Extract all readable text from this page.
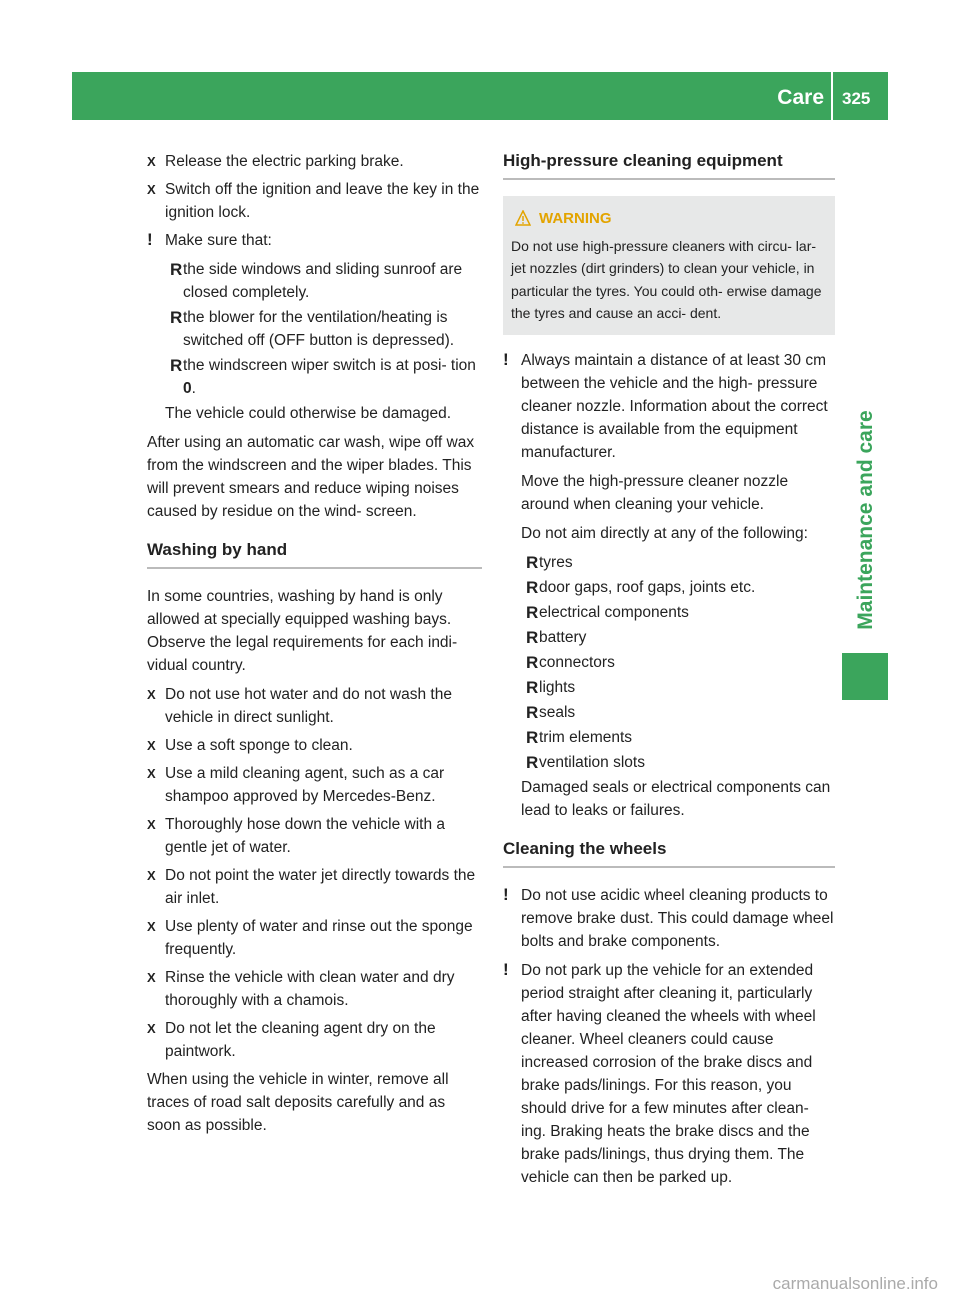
Care 325
Maintenance and care
X Release the electric parking brake.
X Switch off the ignition and leave the key in the ignition lock.
! Make sure that:
R the side windows and sliding sunroof are closed completely.
R the blower for the ventilation/heating is switched off (OFF button is depressed).
R the windscreen wiper switch is at posi- tion 0.
The vehicle could otherwise be damaged.
After using an automatic car wash, wipe off wax from the windscreen and the wiper blades. This will prevent smears and reduce wiping noises caused by residue on the wind- screen.
Washing by hand
In some countries, washing by hand is only allowed at specially equipped washing bays. Observe the legal requirements for each indi- vidual country.
X Do not use hot water and do not wash the vehicle in direct sunlight.
X Use a soft sponge to clean.
X Use a mild cleaning agent, such as a car shampoo approved by Mercedes-Benz.
X Thoroughly hose down the vehicle with a gentle jet of water.
X Do not point the water jet directly towards the air inlet.
X Use plenty of water and rinse out the sponge frequently.
X Rinse the vehicle with clean water and dry thoroughly with a chamois.
X Do not let the cleaning agent dry on the paintwork.
When using the vehicle in winter, remove all traces of road salt deposits carefully and as soon as possible.
High-pressure cleaning equipment
WARNING
Do not use high-pressure cleaners with circu- lar-jet nozzles (dirt grinders) to clean your vehicle, in particular the tyres. You could oth- erwise damage the tyres and cause an acci- dent.
! Always maintain a distance of at least 30 cm between the vehicle and the high- pressure cleaner nozzle. Information about the correct distance is available from the equipment manufacturer.
Move the high-pressure cleaner nozzle around when cleaning your vehicle.
Do not aim directly at any of the following:
R tyres
R door gaps, roof gaps, joints etc.
R electrical components
R battery
R connectors
R lights
R seals
R trim elements
R ventilation slots
Damaged seals or electrical components can lead to leaks or failures.
Cleaning the wheels
! Do not use acidic wheel cleaning products to remove brake dust. This could damage wheel bolts and brake components.
! Do not park up the vehicle for an extended period straight after cleaning it, particularly after having cleaned the wheels with wheel cleaner. Wheel cleaners could cause increased corrosion of the brake discs and brake pads/linings. For this reason, you should drive for a few minutes after clean- ing. Braking heats the brake discs and the brake pads/linings, thus drying them. The vehicle can then be parked up.
carmanualsonline.info
